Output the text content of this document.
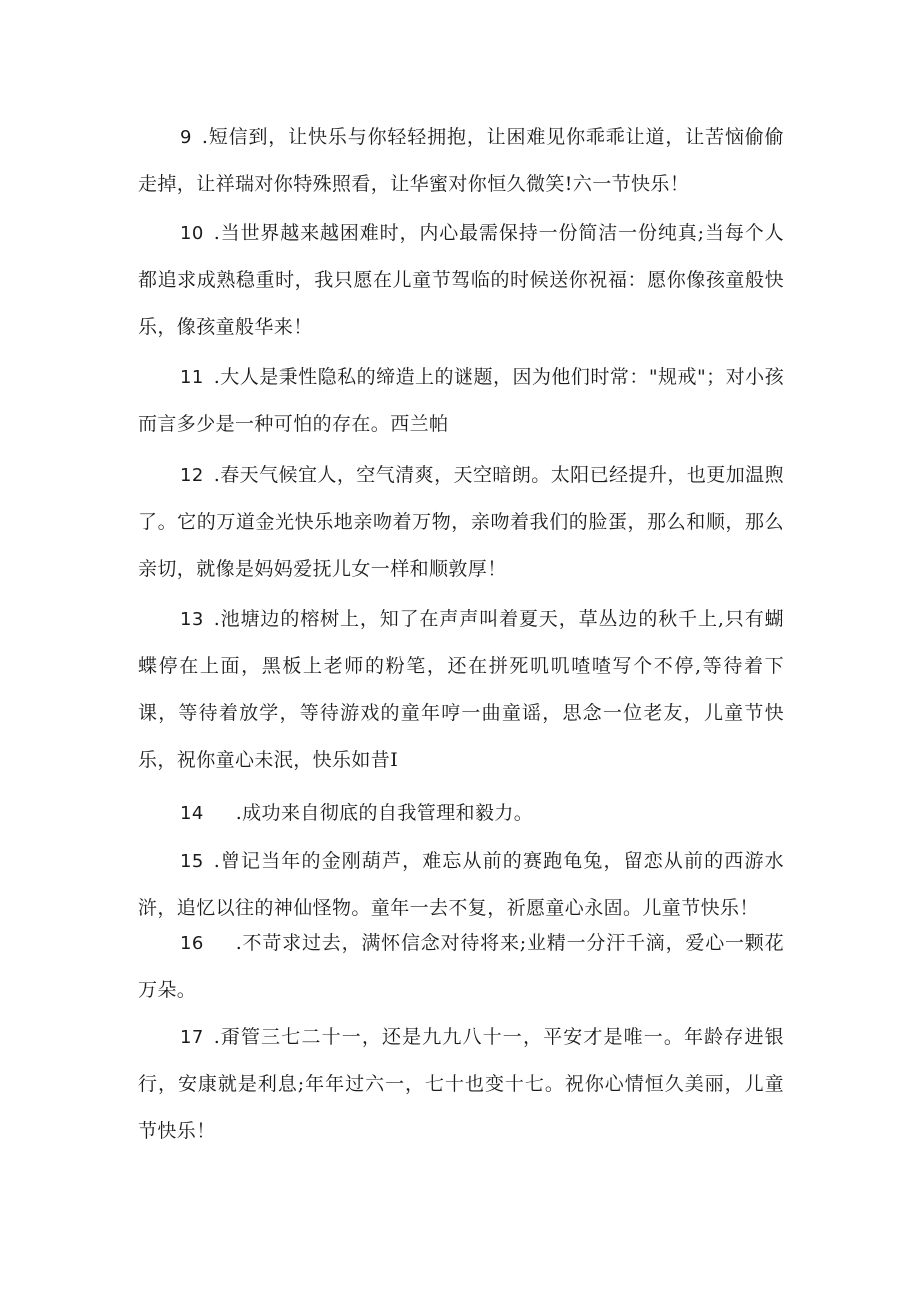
9 .短信到，让快乐与你轻轻拥抱，让困难见你乖乖让道，让苦恼偷偷走掉，让祥瑞对你特殊照看，让华蜜对你恒久微笑!六一节快乐！

10 .当世界越来越困难时，内心最需保持一份简洁一份纯真;当每个人都追求成熟稳重时，我只愿在儿童节驾临的时候送你祝福：愿你像孩童般快乐，像孩童般华来！

11 .大人是秉性隐私的缔造上的谜题，因为他们时常："规戒"；对小孩而言多少是一种可怕的存在。西兰帕

12 .春天气候宜人，空气清爽，天空暗朗。太阳已经提升，也更加温煦了。它的万道金光快乐地亲吻着万物，亲吻着我们的脸蛋，那么和顺，那么亲切，就像是妈妈爱抚儿女一样和顺敦厚！

13 .池塘边的榕树上，知了在声声叫着夏天，草丛边的秋千上,只有蝴蝶停在上面，黑板上老师的粉笔，还在拼死叽叽喳喳写个不停,等待着下课，等待着放学，等待游戏的童年哼一曲童谣，思念一位老友，儿童节快乐，祝你童心未泯，快乐如昔I

14 .成功来自彻底的自我管理和毅力。

15 .曾记当年的金刚葫芦，难忘从前的赛跑龟兔，留恋从前的西游水浒，追忆以往的神仙怪物。童年一去不复，祈愿童心永固。儿童节快乐！

16 .不苛求过去，满怀信念对待将来;业精一分汗千滴，爱心一颗花万朵。

17 .甭管三七二十一，还是九九八十一，平安才是唯一。年龄存进银行，安康就是利息;年年过六一，七十也变十七。祝你心情恒久美丽，儿童节快乐！
